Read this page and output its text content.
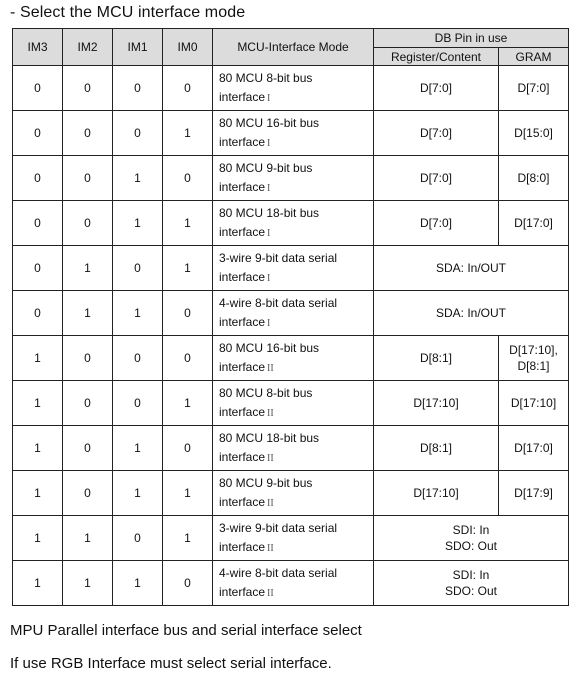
- Select the MCU interface mode
IM3	IM2	IM1	IM0	MCU-Interface Mode	DB Pin in use	
					Register/Content	GRAM
0	0	0	0	80 MCU 8-bit bus
interface I	D[7:0]	D[7:0]
0	0	0	1	80 MCU 16-bit bus
interface I	D[7:0]	D[15:0]
0	0	1	0	80 MCU 9-bit bus
interface I	D[7:0]	D[8:0]
0	0	1	1	80 MCU 18-bit bus
interface I	D[7:0]	D[17:0]
0	1	0	1	3-wire 9-bit data serial
interface I	SDA: In/OUT	
0	1	1	0	4-wire 8-bit data serial
interface I	SDA: In/OUT	
1	0	0	0	80 MCU 16-bit bus
interface II	D[8:1]	D[17:10],
D[8:1]
1	0	0	1	80 MCU 8-bit bus
interface II	D[17:10]	D[17:10]
1	0	1	0	80 MCU 18-bit bus
interface II	D[8:1]	D[17:0]
1	0	1	1	80 MCU 9-bit bus
interface II	D[17:10]	D[17:9]
1	1	0	1	3-wire 9-bit data serial
interface II	SDI: In
SDO: Out	
1	1	1	0	4-wire 8-bit data serial
interface II	SDI: In
SDO: Out	
MPU Parallel interface bus and serial interface select
If use RGB Interface must select serial interface.
